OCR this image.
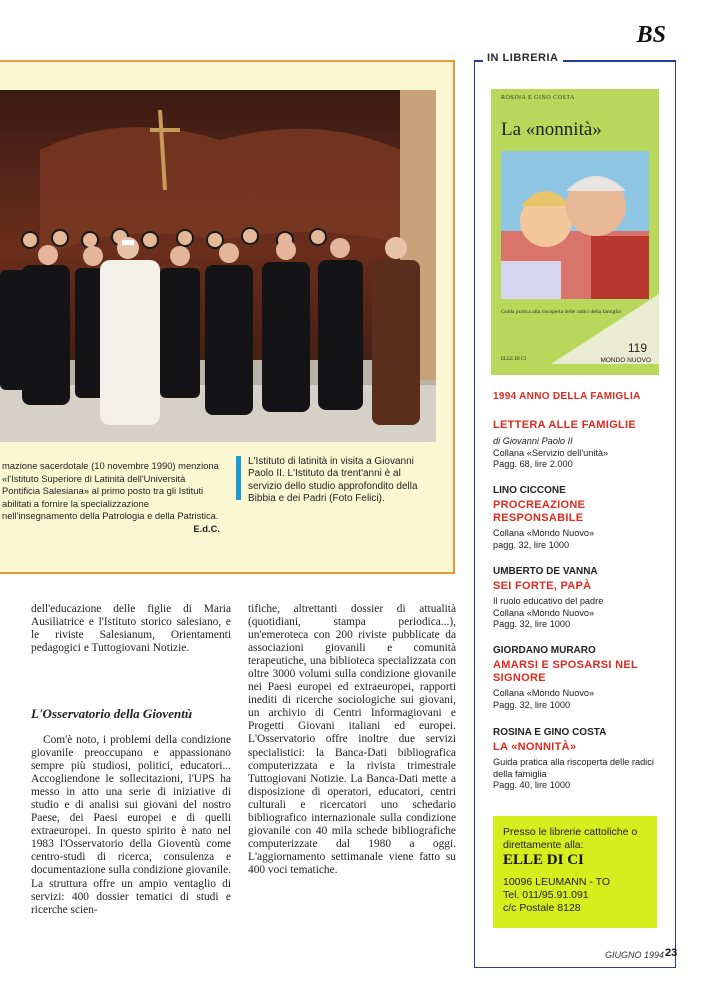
BS
mazione sacerdotale (10 novembre 1990) menziona «l'Istituto Superiore di Latinità dell'Università Pontificia Salesiana» al primo posto tra gli Istituti abilitati a fornire la specializzazione nell'insegnamento della Patrologia e della Patristica.
E.d.C.
L'Istituto di latinità in visita a Giovanni Paolo II. L'Istituto da trent'anni è al servizio dello studio approfondito della Bibbia e dei Padri (Foto Felici).
IN LIBRERIA
ROSINA E GINO COSTA
La «nonnità»
Guida pratica alla riscoperta delle radici della famiglia
119
MONDO NUOVO
ELLE DI CI
1994 ANNO DELLA FAMIGLIA
LETTERA ALLE FAMIGLIE
di Giovanni Paolo II
Collana «Servizio dell'unità»
Pagg. 68, lire 2.000
LINO CICCONE
PROCREAZIONE RESPONSABILE
Collana «Mondo Nuovo»
pagg. 32, lire 1000
UMBERTO DE VANNA
SEI FORTE, PAPÀ
Il ruolo educativo del padre
Collana «Mondo Nuovo»
Pagg. 32, lire 1000
GIORDANO MURARO
AMARSI E SPOSARSI NEL SIGNORE
Collana «Mondo Nuovo»
Pagg. 32, lire 1000
ROSINA E GINO COSTA
LA «NONNITÀ»
Guida pratica alla riscoperta delle radici della famiglia
Pagg. 40, lire 1000
Presso le librerie cattoliche o direttamente alla:
ELLE DI CI
10096 LEUMANN - TO
Tel. 011/95.91.091
c/c Postale 8128
dell'educazione delle figlie di Maria Ausiliatrice e l'Istituto storico salesiano, e le riviste Salesianum, Orientamenti pedagogici e Tuttogiovani Notizie.
L'Osservatorio della Gioventù
Com'è noto, i problemi della condizione giovanile preoccupano e appassionano sempre più studiosi, politici, educatori... Accogliendone le sollecitazioni, l'UPS ha messo in atto una serie di iniziative di studio e di analisi sui giovani del nostro Paese, dei Paesi europei e di quelli extraeuropei. In questo spirito è nato nel 1983 l'Osservatorio della Gioventù come centro-studi di ricerca, consulenza e documentazione sulla condizione giovanile. La struttura offre un ampio ventaglio di servizi: 400 dossier tematici di studi e ricerche scien-
tifiche, altrettanti dossier di attualità (quotidiani, stampa periodica...), un'emeroteca con 200 riviste pubblicate da associazioni giovanili e comunità terapeutiche, una biblioteca specializzata con oltre 3000 volumi sulla condizione giovanile nei Paesi europei ed extraeuropei, rapporti inediti di ricerche sociologiche sui giovani, un archivio di Centri Informagiovani e Progetti Giovani italiani ed europei. L'Osservatorio offre inoltre due servizi specialistici: la Banca-Dati bibliografica computerizzata e la rivista trimestrale Tuttogiovani Notizie. La Banca-Dati mette a disposizione di operatori, educatori, centri culturali e ricercatori uno schedario bibliografico internazionale sulla condizione giovanile con 40 mila schede bibliografiche computerizzate dal 1980 a oggi. L'aggiornamento settimanale viene fatto su 400 voci tematiche.
GIUGNO 1994 23
